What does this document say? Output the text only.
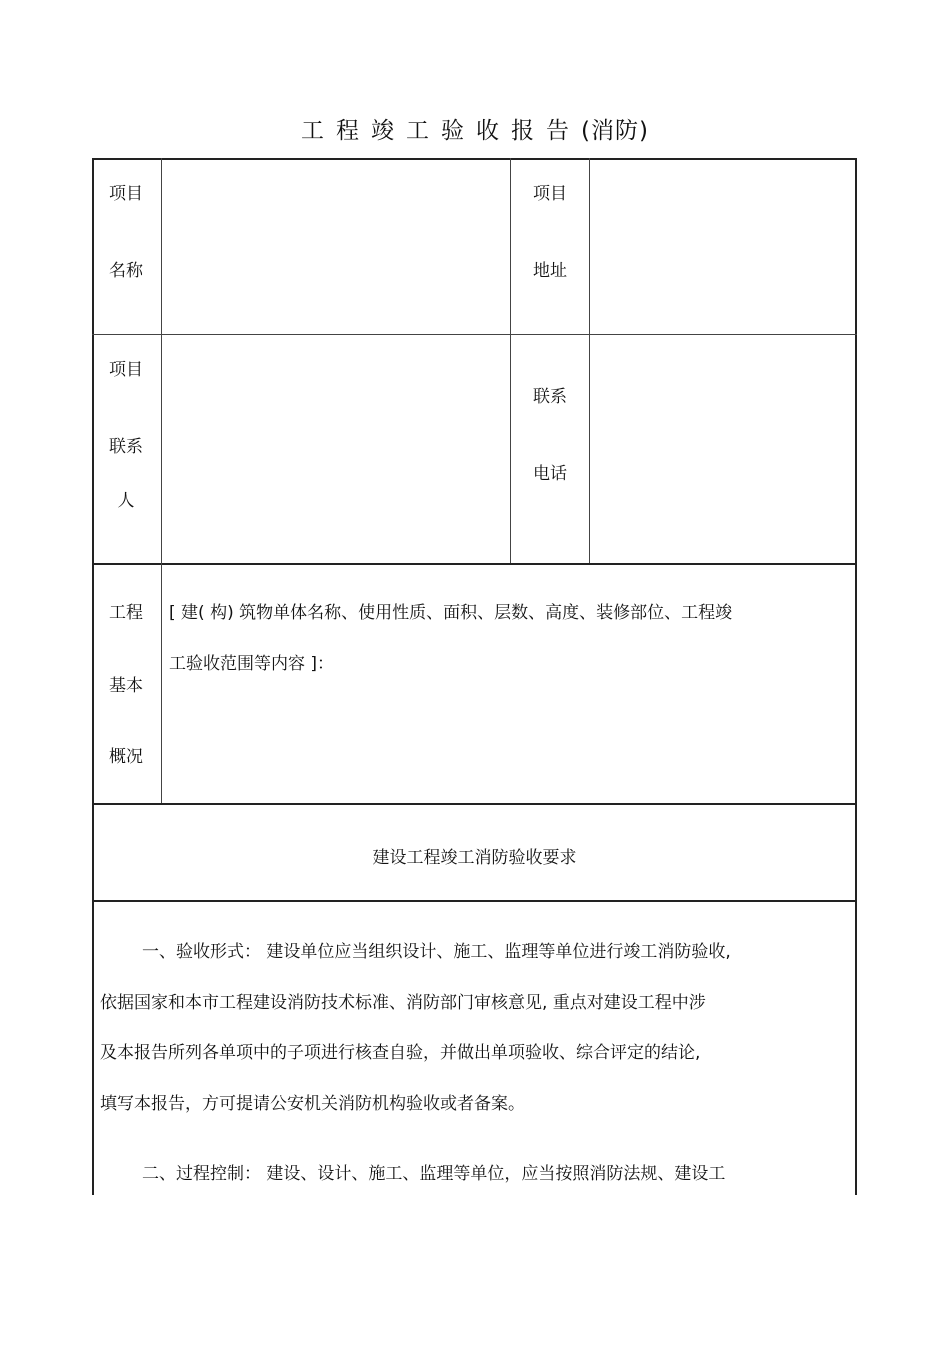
工程竣工验收报告(消防)
项目
名称
项目
地址
项目
联系
人
联系
电话
工程
基本
概况
[ 建( 构) 筑物单体名称、使用性质、面积、层数、高度、装修部位、工程竣
工验收范围等内容 ]：
建设工程竣工消防验收要求
一、验收形式： 建设单位应当组织设计、施工、监理等单位进行竣工消防验收,
依据国家和本市工程建设消防技术标准、消防部门审核意见, 重点对建设工程中涉
及本报告所列各单项中的子项进行核查自验，并做出单项验收、综合评定的结论,
填写本报告，方可提请公安机关消防机构验收或者备案。
二、过程控制： 建设、设计、施工、监理等单位，应当按照消防法规、建设工
